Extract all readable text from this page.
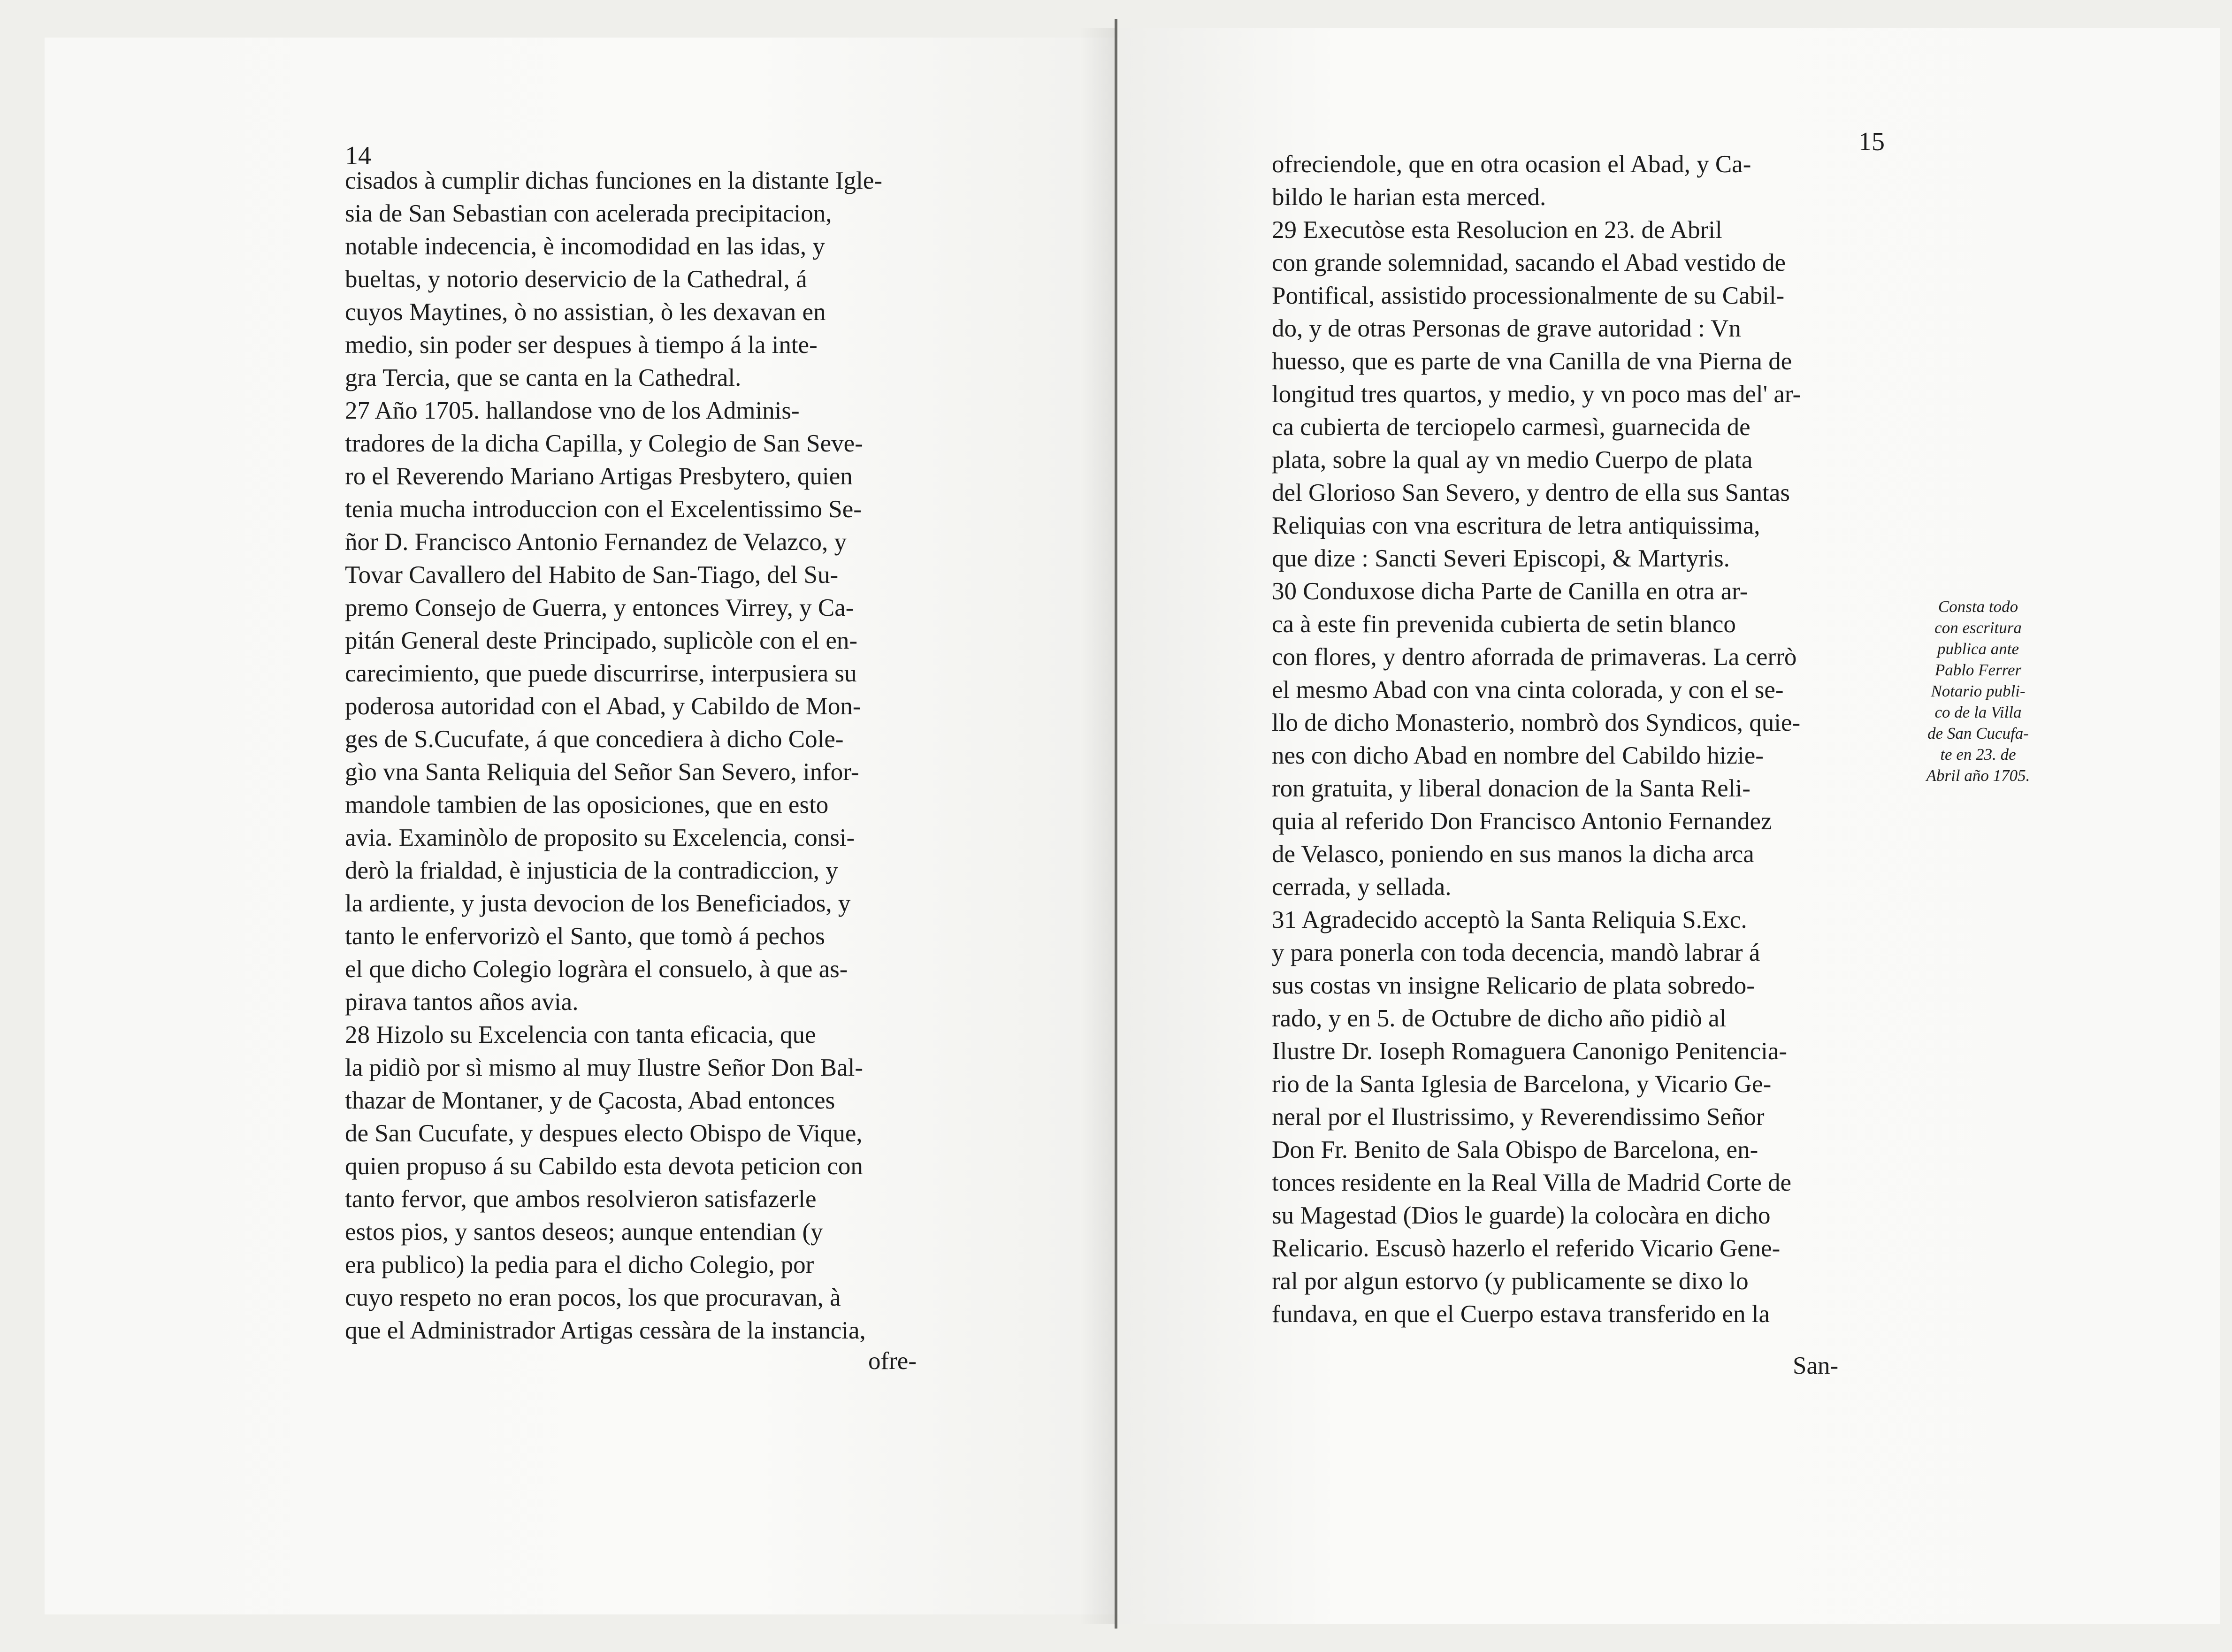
14
cisados à cumplir dichas funciones en la distante Igle-
sia de San Sebastian con acelerada precipitacion,
notable indecencia, è incomodidad en las idas, y
bueltas, y notorio deservicio de la Cathedral, á
cuyos Maytines, ò no assistian, ò les dexavan en
medio, sin poder ser despues à tiempo á la inte-
gra Tercia, que se canta en la Cathedral.
27 Año 1705. hallandose vno de los Adminis-
tradores de la dicha Capilla, y Colegio de San Seve-
ro el Reverendo Mariano Artigas Presbytero, quien
tenia mucha introduccion con el Excelentissimo Se-
ñor D. Francisco Antonio Fernandez de Velazco, y
Tovar Cavallero del Habito de San-Tiago, del Su-
premo Consejo de Guerra, y entonces Virrey, y Ca-
pitán General deste Principado, suplicòle con el en-
carecimiento, que puede discurrirse, interpusiera su
poderosa autoridad con el Abad, y Cabildo de Mon-
ges de S.Cucufate, á que concediera à dicho Cole-
gìo vna Santa Reliquia del Señor San Severo, infor-
mandole tambien de las oposiciones, que en esto
avia. Examinòlo de proposito su Excelencia, consi-
derò la frialdad, è injusticia de la contradiccion, y
la ardiente, y justa devocion de los Beneficiados, y
tanto le enfervorizò el Santo, que tomò á pechos
el que dicho Colegio logràra el consuelo, à que as-
pirava tantos años avia.
28 Hizolo su Excelencia con tanta eficacia, que
la pidiò por sì mismo al muy Ilustre Señor Don Bal-
thazar de Montaner, y de Çacosta, Abad entonces
de San Cucufate, y despues electo Obispo de Vique,
quien propuso á su Cabildo esta devota peticion con
tanto fervor, que ambos resolvieron satisfazerle
estos pios, y santos deseos; aunque entendian (y
era publico) la pedia para el dicho Colegio, por
cuyo respeto no eran pocos, los que procuravan, à
que el Administrador Artigas cessàra de la instancia,
ofre-
15
ofreciendole, que en otra ocasion el Abad, y Ca-
bildo le harian esta merced.
29 Executòse esta Resolucion en 23. de Abril
con grande solemnidad, sacando el Abad vestido de
Pontifical, assistido processionalmente de su Cabil-
do, y de otras Personas de grave autoridad : Vn
huesso, que es parte de vna Canilla de vna Pierna de
longitud tres quartos, y medio, y vn poco mas del' ar-
ca cubierta de terciopelo carmesì, guarnecida de
plata, sobre la qual ay vn medio Cuerpo de plata
del Glorioso San Severo, y dentro de ella sus Santas
Reliquias con vna escritura de letra antiquissima,
que dize : Sancti Severi Episcopi, & Martyris.
30 Conduxose dicha Parte de Canilla en otra ar-
ca à este fin prevenida cubierta de setin blanco
con flores, y dentro aforrada de primaveras. La cerrò
el mesmo Abad con vna cinta colorada, y con el se-
llo de dicho Monasterio, nombrò dos Syndicos, quie-
nes con dicho Abad en nombre del Cabildo hizie-
ron gratuita, y liberal donacion de la Santa Reli-
quia al referido Don Francisco Antonio Fernandez
de Velasco, poniendo en sus manos la dicha arca
cerrada, y sellada.
31 Agradecido acceptò la Santa Reliquia S.Exc.
y para ponerla con toda decencia, mandò labrar á
sus costas vn insigne Relicario de plata sobredo-
rado, y en 5. de Octubre de dicho año pidiò al
Ilustre Dr. Ioseph Romaguera Canonigo Penitencia-
rio de la Santa Iglesia de Barcelona, y Vicario Ge-
neral por el Ilustrissimo, y Reverendissimo Señor
Don Fr. Benito de Sala Obispo de Barcelona, en-
tonces residente en la Real Villa de Madrid Corte de
su Magestad (Dios le guarde) la colocàra en dicho
Relicario. Escusò hazerlo el referido Vicario Gene-
ral por algun estorvo (y publicamente se dixo lo
fundava, en que el Cuerpo estava transferido en la
San-
Consta todo
con escritura
publica ante
Pablo Ferrer
Notario publi-
co de la Villa
de San Cucufa-
te en 23. de
Abril año 1705.
